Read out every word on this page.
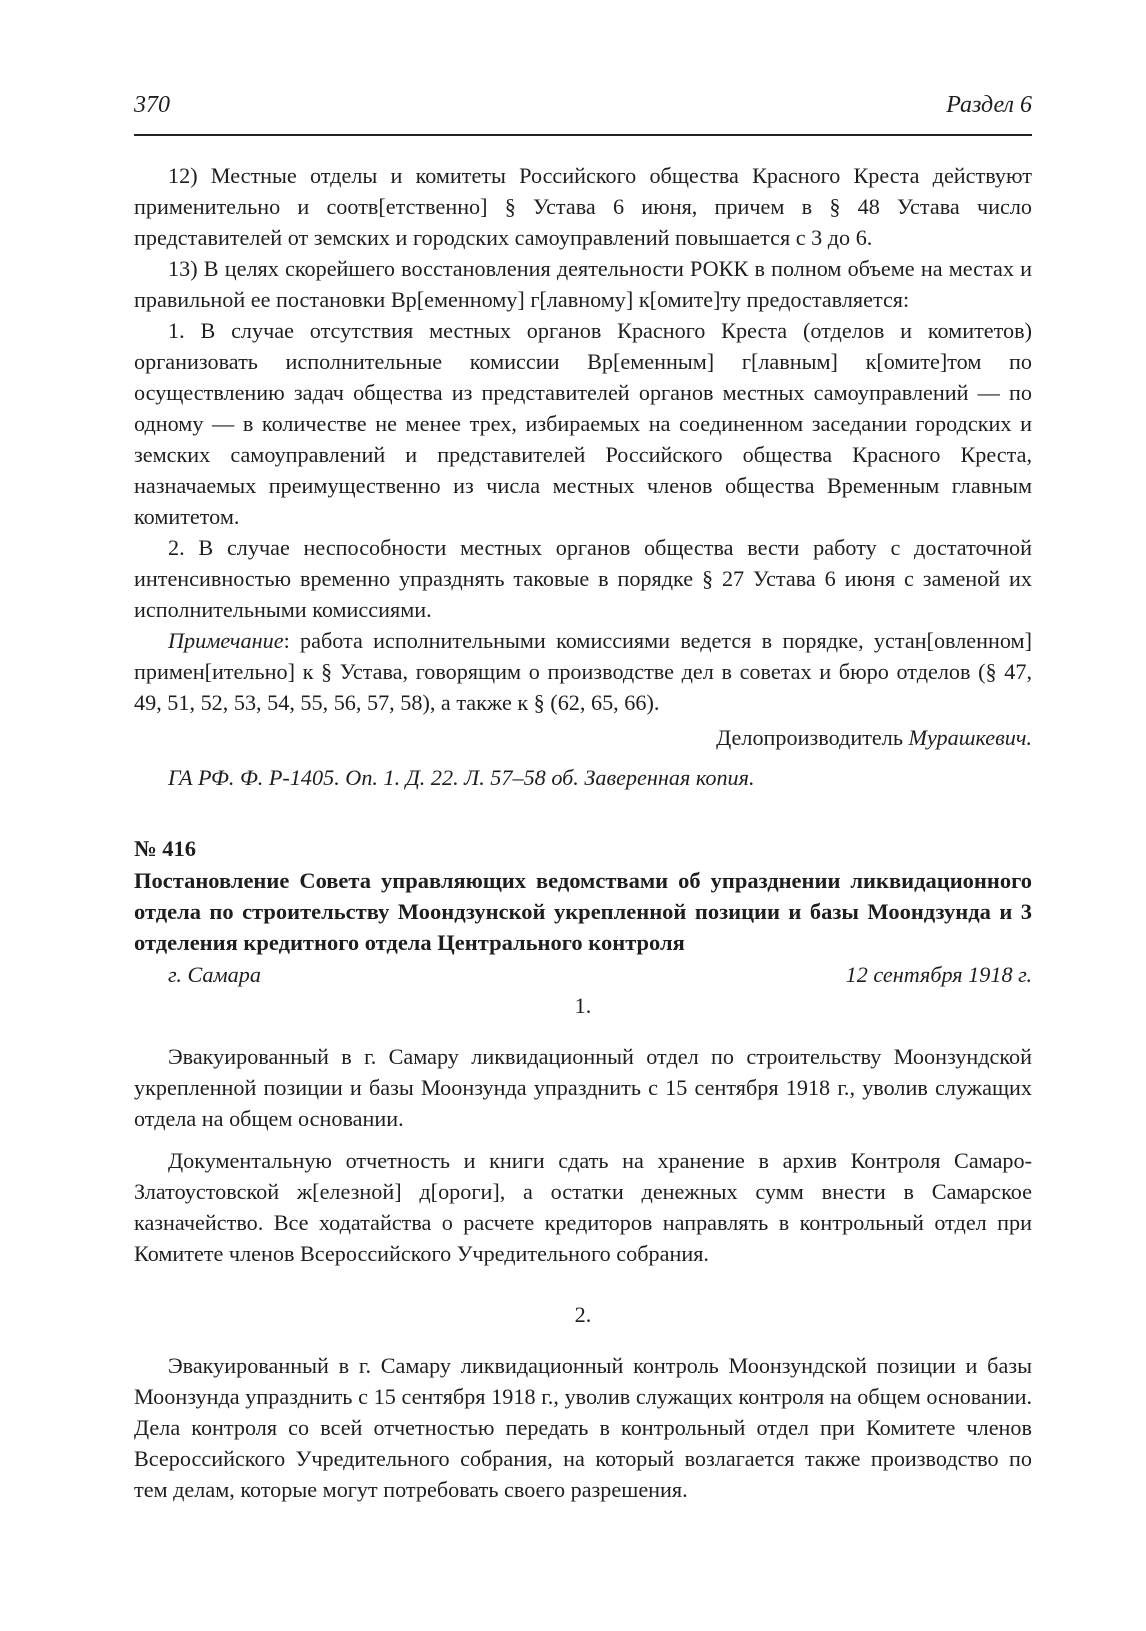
370	Раздел 6

12) Местные отделы и комитеты Российского общества Красного Креста действуют применительно и соотв[етственно] § Устава 6 июня, причем в § 48 Устава число представителей от земских и городских самоуправлений повышается с 3 до 6.

13) В целях скорейшего восстановления деятельности РОКК в полном объеме на местах и правильной ее постановки Вр[еменному] г[лавному] к[омите]ту предоставляется:

1. В случае отсутствия местных органов Красного Креста (отделов и комитетов) организовать исполнительные комиссии Вр[еменным] г[лавным] к[омите]том по осуществлению задач общества из представителей органов местных самоуправлений — по одному — в количестве не менее трех, избираемых на соединенном заседании городских и земских самоуправлений и представителей Российского общества Красного Креста, назначаемых преимущественно из числа местных членов общества Временным главным комитетом.

2. В случае неспособности местных органов общества вести работу с достаточной интенсивностью временно упразднять таковые в порядке § 27 Устава 6 июня с заменой их исполнительными комиссиями.

Примечание: работа исполнительными комиссиями ведется в порядке, устан[овленном] примен[ительно] к § Устава, говорящим о производстве дел в советах и бюро отделов (§ 47, 49, 51, 52, 53, 54, 55, 56, 57, 58), а также к § (62, 65, 66).

Делопроизводитель Мурашкевич.
ГА РФ. Ф. Р-1405. Оп. 1. Д. 22. Л. 57–58 об. Заверенная копия.
№ 416
Постановление Совета управляющих ведомствами об упразднении ликвидационного отдела по строительству Моондзунской укрепленной позиции и базы Моондзунда и 3 отделения кредитного отдела Центрального контроля
г. Самара	12 сентября 1918 г.
1.

Эвакуированный в г. Самару ликвидационный отдел по строительству Моонзундской укрепленной позиции и базы Моонзунда упразднить с 15 сентября 1918 г., уволив служащих отдела на общем основании.

Документальную отчетность и книги сдать на хранение в архив Контроля Самаро-Златоустовской ж[елезной] д[ороги], а остатки денежных сумм внести в Самарское казначейство. Все ходатайства о расчете кредиторов направлять в контрольный отдел при Комитете членов Всероссийского Учредительного собрания.

2.

Эвакуированный в г. Самару ликвидационный контроль Моонзундской позиции и базы Моонзунда упразднить с 15 сентября 1918 г., уволив служащих контроля на общем основании. Дела контроля со всей отчетностью передать в контрольный отдел при Комитете членов Всероссийского Учредительного собрания, на который возлагается также производство по тем делам, которые могут потребовать своего разрешения.
